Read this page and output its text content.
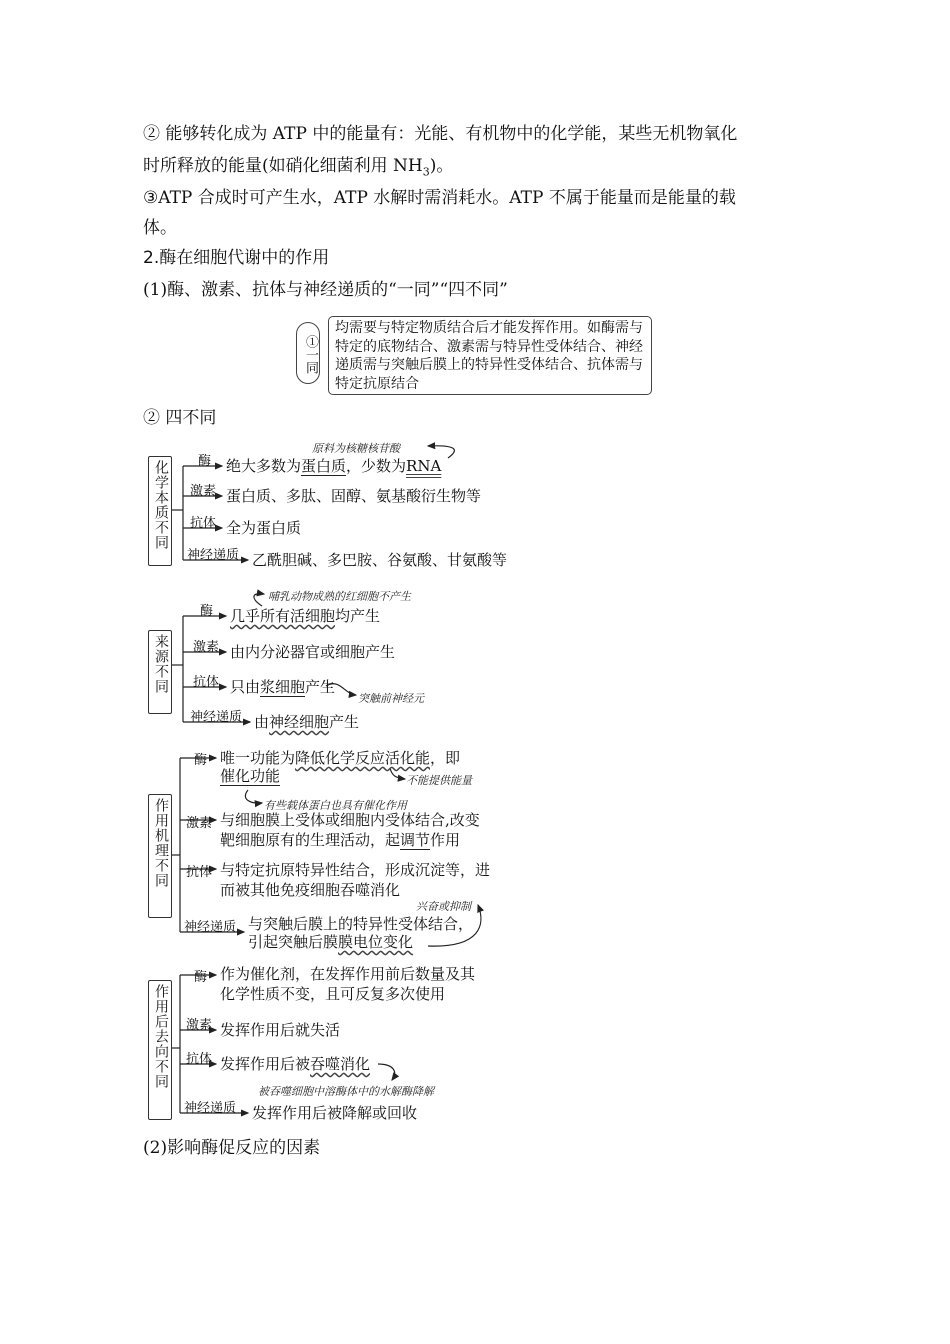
② 能够转化成为 ATP 中的能量有：光能、有机物中的化学能，某些无机物氧化
时所释放的能量(如硝化细菌利用 $NH_3$)。
③ATP 合成时可产生水，ATP 水解时需消耗水。ATP 不属于能量而是能量的载
体。
2.酶在细胞代谢中的作用
(1)酶、激素、抗体与神经递质的“一同”“四不同”
①一同
均需要与特定物质结合后才能发挥作用。如酶需与特定的底物结合、激素需与特异性受体结合、神经递质需与突触后膜上的特异性受体结合、抗体需与特定抗原结合
② 四不同
化学本质不同 酶
激素
抗体
神经递质
绝大多数为蛋白质，少数为RNA
原料为核糖核苷酸
蛋白质、多肽、固醇、氨基酸衍生物等
全为蛋白质
乙酰胆碱、多巴胺、谷氨酸、甘氨酸等
来源不同
酶
激素
抗体
神经递质
几乎所有活细胞均产生
哺乳动物成熟的红细胞不产生
由内分泌器官或细胞产生
只由浆细胞产生
突触前神经元
由神经细胞产生
作用机理不同
酶
激素
抗体
神经递质
唯一功能为降低化学反应活化能，即
催化功能	不能提供能量
有些载体蛋白也具有催化作用
与细胞膜上受体或细胞内受体结合,改变
靶细胞原有的生理活动，起调节作用
与特定抗原特异性结合，形成沉淀等，进
而被其他免疫细胞吞噬消化
兴奋或抑制
与突触后膜上的特异性受体结合，
引起突触后膜膜电位变化
作用后去向不同
酶
激素
抗体
神经递质
作为催化剂，在发挥作用前后数量及其
化学性质不变，且可反复多次使用
发挥作用后就失活
发挥作用后被吞噬消化
被吞噬细胞中溶酶体中的水解酶降解
发挥作用后被降解或回收
(2)影响酶促反应的因素
